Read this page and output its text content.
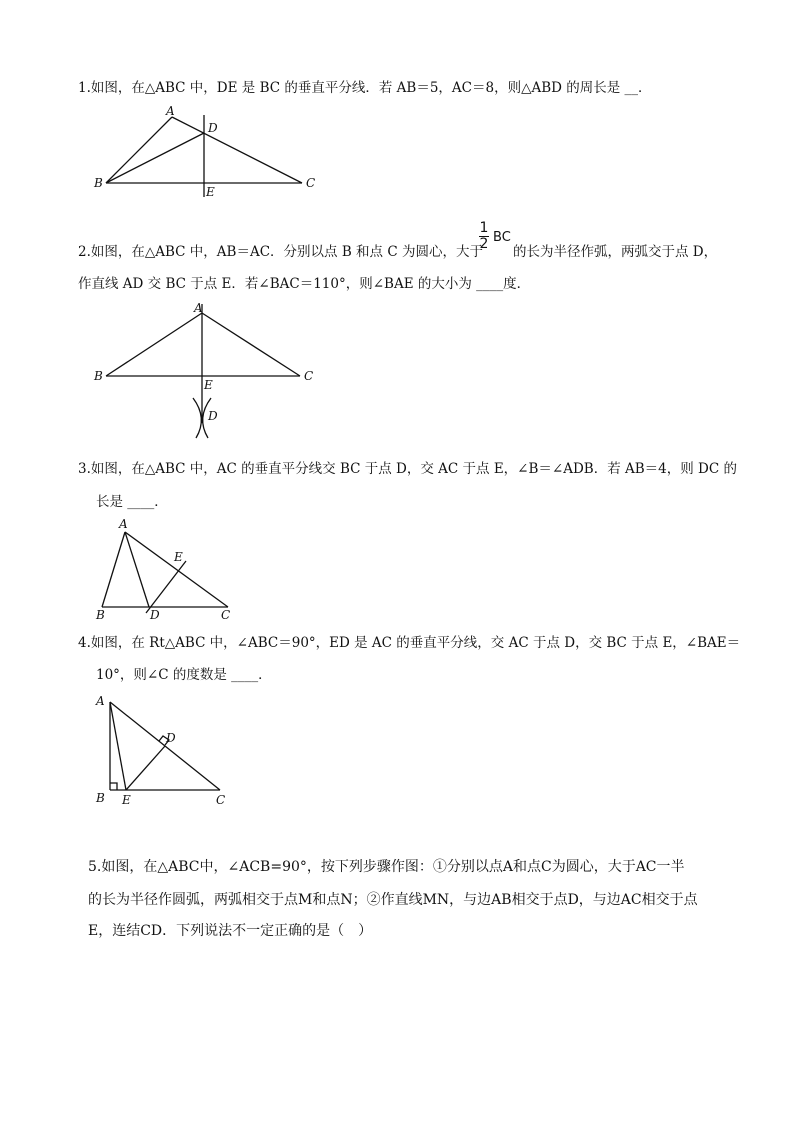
1.如图，在△ABC 中，DE 是 BC 的垂直平分线．若 AB＝5，AC＝8，则△ABD 的周长是 __．
A
B	C
D
E
2.如图，在△ABC 中，AB＝AC．分别以点 B 和点 C 为圆心，大于
1
2 BC
的长为半径作弧，两弧交于点 D，
作直线 AD 交 BC 于点 E．若∠BAC＝110°，则∠BAE 的大小为 ____度．
A
B	C
E
D
3.如图，在△ABC 中，AC 的垂直平分线交 BC 于点 D，交 AC 于点 E，∠B＝∠ADB．若 AB＝4，则 DC 的
长是 ____．
A
E
B	D	C
4.如图，在 Rt△ABC 中，∠ABC＝90°，ED 是 AC 的垂直平分线，交 AC 于点 D，交 BC 于点 E，∠BAE＝
10°，则∠C 的度数是 ____．
A
D
B E	C
5.如图，在△ABC中，∠ACB=90°，按下列步骤作图：①分别以点A和点C为圆心，大于AC一半
的长为半径作圆弧，两弧相交于点M和点N；②作直线MN，与边AB相交于点D，与边AC相交于点
E，连结CD．下列说法不一定正确的是（　）
